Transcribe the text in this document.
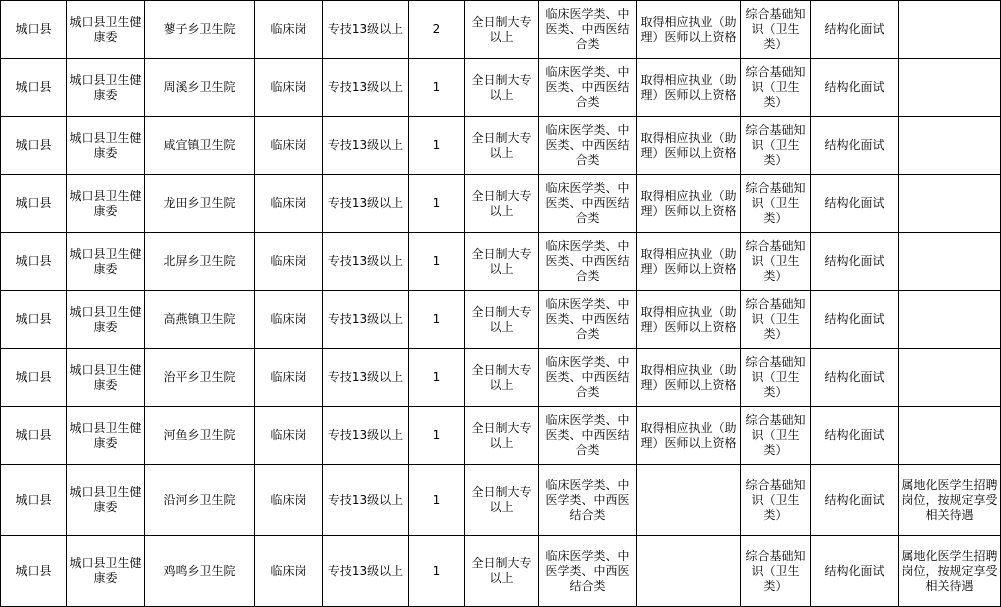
城口县	城口县卫生健康委	蓼子乡卫生院	临床岗	专技13级以上	2	全日制大专以上	临床医学类、中医类、中西医结合类	取得相应执业（助理）医师以上资格	综合基础知识（卫生类）	结构化面试	
城口县	城口县卫生健康委	周溪乡卫生院	临床岗	专技13级以上	1	全日制大专以上	临床医学类、中医类、中西医结合类	取得相应执业（助理）医师以上资格	综合基础知识（卫生类）	结构化面试	
城口县	城口县卫生健康委	咸宜镇卫生院	临床岗	专技13级以上	1	全日制大专以上	临床医学类、中医类、中西医结合类	取得相应执业（助理）医师以上资格	综合基础知识（卫生类）	结构化面试	
城口县	城口县卫生健康委	龙田乡卫生院	临床岗	专技13级以上	1	全日制大专以上	临床医学类、中医类、中西医结合类	取得相应执业（助理）医师以上资格	综合基础知识（卫生类）	结构化面试	
城口县	城口县卫生健康委	北屏乡卫生院	临床岗	专技13级以上	1	全日制大专以上	临床医学类、中医类、中西医结合类	取得相应执业（助理）医师以上资格	综合基础知识（卫生类）	结构化面试	
城口县	城口县卫生健康委	高燕镇卫生院	临床岗	专技13级以上	1	全日制大专以上	临床医学类、中医类、中西医结合类	取得相应执业（助理）医师以上资格	综合基础知识（卫生类）	结构化面试	
城口县	城口县卫生健康委	治平乡卫生院	临床岗	专技13级以上	1	全日制大专以上	临床医学类、中医类、中西医结合类	取得相应执业（助理）医师以上资格	综合基础知识（卫生类）	结构化面试	
城口县	城口县卫生健康委	河鱼乡卫生院	临床岗	专技13级以上	1	全日制大专以上	临床医学类、中医类、中西医结合类	取得相应执业（助理）医师以上资格	综合基础知识（卫生类）	结构化面试	
城口县	城口县卫生健康委	沿河乡卫生院	临床岗	专技13级以上	1	全日制大专以上	临床医学类、中医学类、中西医结合类		综合基础知识（卫生类）	结构化面试	属地化医学生招聘岗位，按规定享受相关待遇
城口县	城口县卫生健康委	鸡鸣乡卫生院	临床岗	专技13级以上	1	全日制大专以上	临床医学类、中医学类、中西医结合类		综合基础知识（卫生类）	结构化面试	属地化医学生招聘岗位，按规定享受相关待遇
